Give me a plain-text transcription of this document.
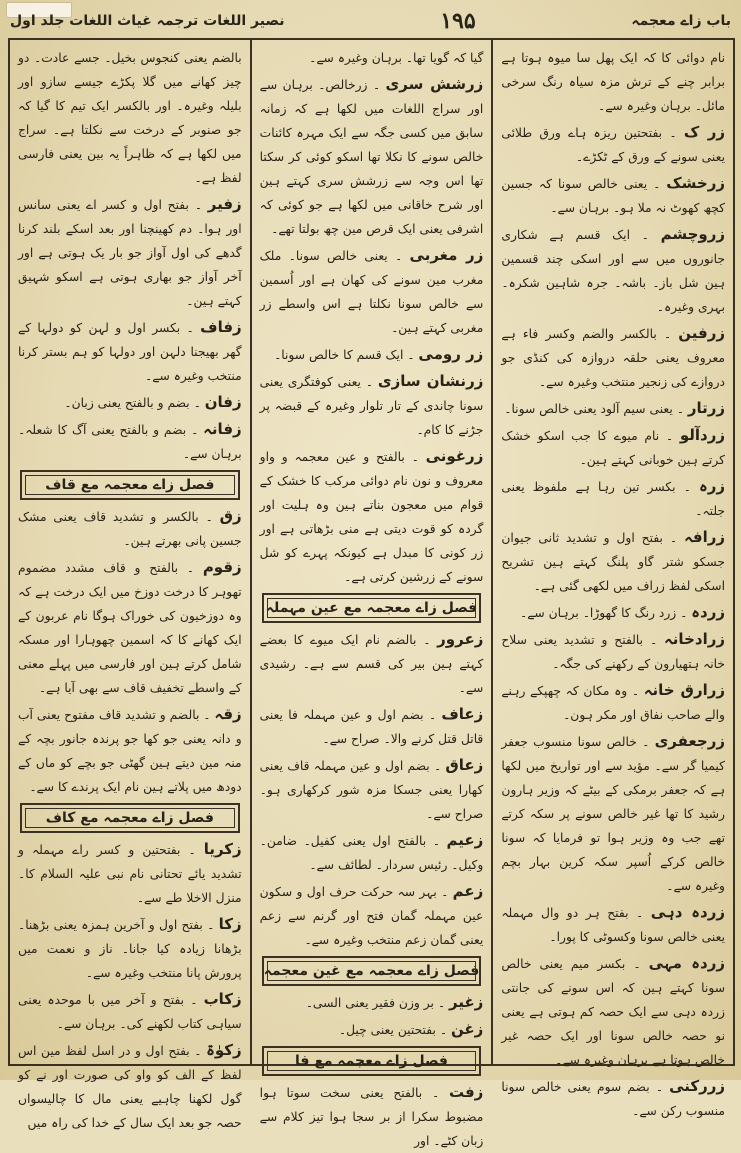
باب زاے معجمہ
۱۹۵
نصیر اللغات ترجمہ غیاث اللغات جلد اول

نام دوائی کا کہ ایک پھل سا میوہ ہوتا ہے برابر چنے کے ترش مزہ سیاہ رنگ سرخی مائل۔ برہان وغیرہ سے۔

زر ک ۔ بفتحتین ریزہ ہاے ورق طلائی یعنی سونے کے ورق کے ٹکڑے۔

زرخشک ۔ یعنی خالص سونا کہ جسین کچھ کھوٹ نہ ملا ہو۔ برہان سے۔

زروچشم ۔ ایک قسم ہے شکاری جانوروں میں سے اور اسکی چند قسمین ہین شل باز۔ باشہ۔ جرہ شاہین شکرہ۔ بہری وغیرہ۔

زرفین ۔ بالکسر والضم وکسر فاء ہے معروف یعنی حلقہ دروازہ کی کنڈی جو دروازے کی زنجیر منتخب وغیرہ سے۔

زرتار ۔ یعنی سیم آلود یعنی خالص سونا۔

زردآلو ۔ نام میوے کا جب اسکو خشک کرتے ہین خوبانی کہتے ہین۔

زرہ ۔ بکسر تین رہا ہے ملفوظ یعنی جلتہ۔

زرافہ ۔ بفتح اول و تشدید ثانی جیوان جسکو شتر گاو پلنگ کہتے ہین تشریح اسکی لفظ زراف میں لکھی گئی ہے۔

زردہ ۔ زرد رنگ کا گھوڑا۔ برہان سے۔

زرادخانہ ۔ بالفتح و تشدید یعنی سلاح خانہ ہتھیارون کے رکھنے کی جگہ۔

زرارق خانہ ۔ وہ مکان کہ چھپکے رہنے والے صاحب نفاق اور مکر ہون۔

زرجعفری ۔ خالص سونا منسوب جعفر کیمیا گر سے۔ مؤید سے اور تواریخ میں لکھا ہے کہ جعفر برمکی کے بیٹے کہ وزیر ہارون رشید کا تھا غیر خالص سونے پر سکہ کرتے تھے جب وہ وزیر ہوا تو فرمایا کہ سونا خالص کرکے اُسپر سکہ کرین بہار بچم وغیرہ سے۔

زردہ دہی ۔ بفتح ہر دو وال مہملہ یعنی خالص سونا وکسوٹی کا پورا۔

زردہ مہی ۔ بکسر میم یعنی خالص سونا کہتے ہین کہ اس سونے کی جانتی زردہ دہی سے ایک حصہ کم ہوتی ہے یعنی نو حصہ خالص سونا اور ایک حصہ غیر خالص ہوتا ہے برہان وغیرہ سے۔

زررکنی ۔ بضم سوم یعنی خالص سونا منسوب رکن سے۔

گیا کہ گویا تھا۔ برہان وغیرہ سے۔

زرشش سری ۔ زرخالص۔ برہان سے اور سراج اللغات میں لکھا ہے کہ زمانہ سابق میں کسی جگہ سے ایک مہرہ کائنات خالص سونے کا نکلا تھا اسکو کوئی کر سکتا تھا اس وجہ سے زرشش سری کہتے ہین اور شرح خاقانی میں لکھا ہے جو کوئی کہ اشرفی یعنی ایک قرص مین چھ بولتا تھے۔

زر مغربی ۔ یعنی خالص سونا۔ ملک مغرب مین سونے کی کھان ہے اور اُسمین سے خالص سونا نکلتا ہے اس واسطے زر مغربی کہتے ہین۔

زر رومی ۔ ایک قسم کا خالص سونا۔

زرنشان سازی ۔ یعنی کوفتگری یعنی سونا چاندی کے تار تلوار وغیرہ کے قبضہ پر جڑنے کا کام۔

زرغونی ۔ بالفتح و عین معجمہ و واو معروف و نون نام دوائی مرکب کا خشک کے قوام میں معجون بناتے ہین وہ ہلیت اور گردہ کو قوت دیتی ہے منی بڑھاتی ہے اور زر کونی کا مبدل ہے کیونکہ پہرے کو شل سونے کے زرشین کرتی ہے۔

فصل زاے معجمہ مع عین مہملہ

زعرور ۔ بالضم نام ایک میوے کا بعضے کہتے ہین بیر کی قسم سے ہے۔ رشیدی سے۔

زعاف ۔ بضم اول و عین مہملہ فا یعنی قاتل قتل کرنے والا۔ صراح سے۔

زعاق ۔ بضم اول و عین مہملہ قاف یعنی کھارا یعنی جسکا مزہ شور کرکھاری ہو۔ صراح سے۔

زعیم ۔ بالفتح اول یعنی کفیل۔ ضامن۔ وکیل۔ رئیس سردار۔ لطائف سے۔

زعم ۔ بہر سہ حرکت حرف اول و سکون عین مہملہ گمان فتح اور گرنم سے زعم یعنی گمان زعم منتخب وغیرہ سے۔

فصل زاے معجمہ مع غین معجمہ

زغیر ۔ بر وزن فقیر یعنی السی۔

زغن ۔ بفتحتین یعنی چیل۔

فصل زاے معجمہ مع فا

زفت ۔ بالفتح یعنی سخت سوتا ہوا مضبوط سکرا از بر سجا ہوا تیز کلام سے زبان کٹے۔ اور

بالضم یعنی کنجوس بخیل۔ جسے عادت۔ دو چیز کھانے میں گلا پکڑے جیسے سازو اور بلیلہ وغیرہ۔ اور بالکسر ایک تیم کا گیا کہ جو صنوبر کے درخت سے نکلتا ہے۔ سراج میں لکھا ہے کہ ظاہراً یہ بین یعنی فارسی لفظ ہے۔

زفیر ۔ بفتح اول و کسر اے یعنی سانس اور ہوا۔ دم کھینچنا اور بعد اسکے بلند کرنا گدھے کی اول آواز جو بار یک ہوتی ہے اور آخر آواز جو بھاری ہوتی ہے اسکو شہیق کہتے ہین۔

زفاف ۔ بکسر اول و لہن کو دولہا کے گھر بھیجنا دلہن اور دولہا کو ہم بستر کرنا منتخب وغیرہ سے۔

زفان ۔ بضم و بالفتح یعنی زبان۔

زفانہ ۔ بضم و بالفتح یعنی آگ کا شعلہ۔ برہان سے۔

فصل زاے معجمہ مع قاف

زق ۔ بالکسر و تشدید قاف یعنی مشک جسین پانی بھرتے ہین۔

زقوم ۔ بالفتح و قاف مشدد مضموم تھوہر کا درخت دوزخ میں ایک درخت ہے کہ وہ دوزخیون کی خوراک ہوگا نام عربون کے ایک کھانے کا کہ اسمین چھوہارا اور مسکہ شامل کرتے ہین اور فارسی میں پہلے معنی کے واسطے تخفیف قاف سے بھی آیا ہے۔

زقہ ۔ بالضم و تشدید قاف مفتوح یعنی آب و دانہ یعنی جو کھا جو پرندہ جانور بچہ کے منہ مین دیتے ہین گھٹی جو بچے کو ماں کے دودھ میں پلاتے ہین نام ایک پرندے کا سے۔

فصل زاے معجمہ مع کاف

زکریا ۔ بفتحتین و کسر راے مہملہ و تشدید یائے تحتانی نام نبی علیہ السلام کا۔ منزل الاخلا طے سے۔

زکا ۔ بفتح اول و آخرین ہمزہ یعنی بڑھنا۔ بڑھانا زیادہ کیا جانا۔ ناز و نعمت میں پرورش پانا منتخب وغیرہ سے۔

زکاب ۔ بفتح و آخر میں با موحدہ یعنی سیاہی کتاب لکھنے کی۔ برہان سے۔

زکوٰۃ ۔ بفتح اول و در اسل لفظ مین اس لفظ کے الف کو واو کی صورت اور نے کو گول لکھنا چاہیے یعنی مال کا چالیسواں حصہ جو بعد ایک سال کے خدا کی راہ میں
